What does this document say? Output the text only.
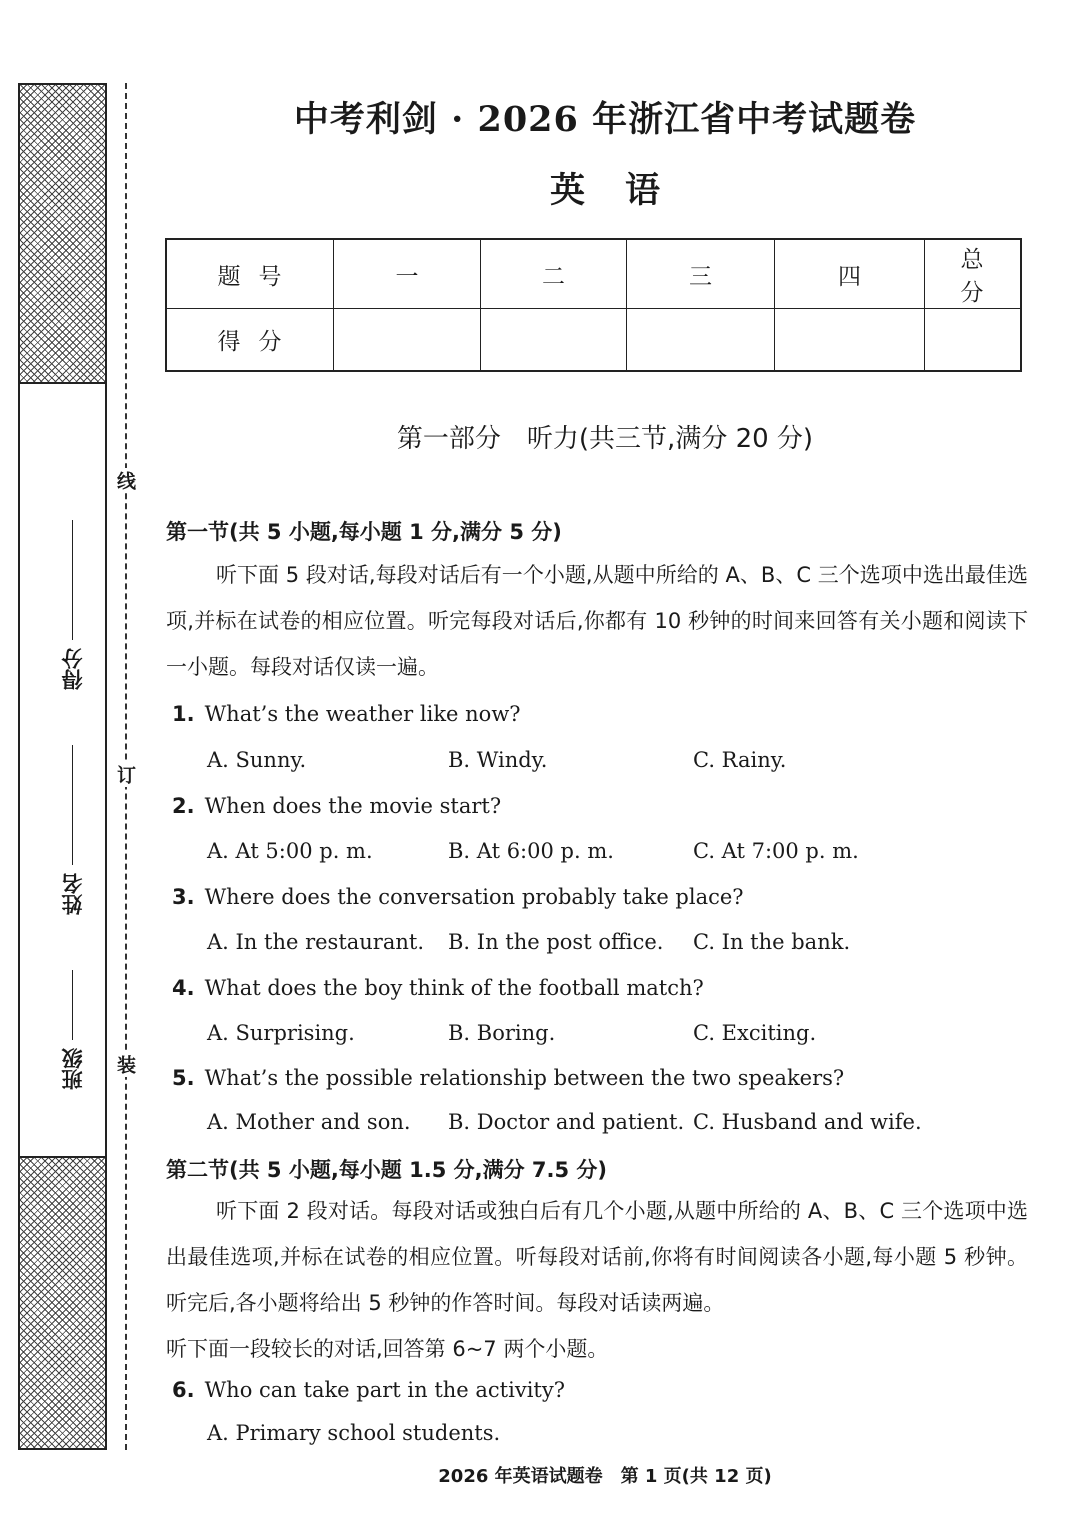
得分
姓名
班级
线
订
装
中考利剑 · 2026 年浙江省中考试题卷
英语
题号	一	二	三	四	总分
得分					
第一部分　听力(共三节,满分 20 分)
第一节(共 5 小题,每小题 1 分,满分 5 分)
听下面 5 段对话,每段对话后有一个小题,从题中所给的 A、B、C 三个选项中选出最佳选项,并标在试卷的相应位置。听完每段对话后,你都有 10 秒钟的时间来回答有关小题和阅读下一小题。每段对话仅读一遍。
1. What’s the weather like now?
A. Sunny.	B. Windy.	C. Rainy.
2. When does the movie start?
A. At 5:00 p. m.	B. At 6:00 p. m.	C. At 7:00 p. m.
3. Where does the conversation probably take place?
A. In the restaurant. B. In the post office. C. In the bank.
4. What does the boy think of the football match?
A. Surprising.	B. Boring.	C. Exciting.
5. What’s the possible relationship between the two speakers?
A. Mother and son. B. Doctor and patient. C. Husband and wife.
第二节(共 5 小题,每小题 1.5 分,满分 7.5 分)
听下面 2 段对话。每段对话或独白后有几个小题,从题中所给的 A、B、C 三个选项中选出最佳选项,并标在试卷的相应位置。听每段对话前,你将有时间阅读各小题,每小题 5 秒钟。听完后,各小题将给出 5 秒钟的作答时间。每段对话读两遍。
听下面一段较长的对话,回答第 6~7 两个小题。
6. Who can take part in the activity?
A. Primary school students.
2026 年英语试题卷　第 1 页(共 12 页)
